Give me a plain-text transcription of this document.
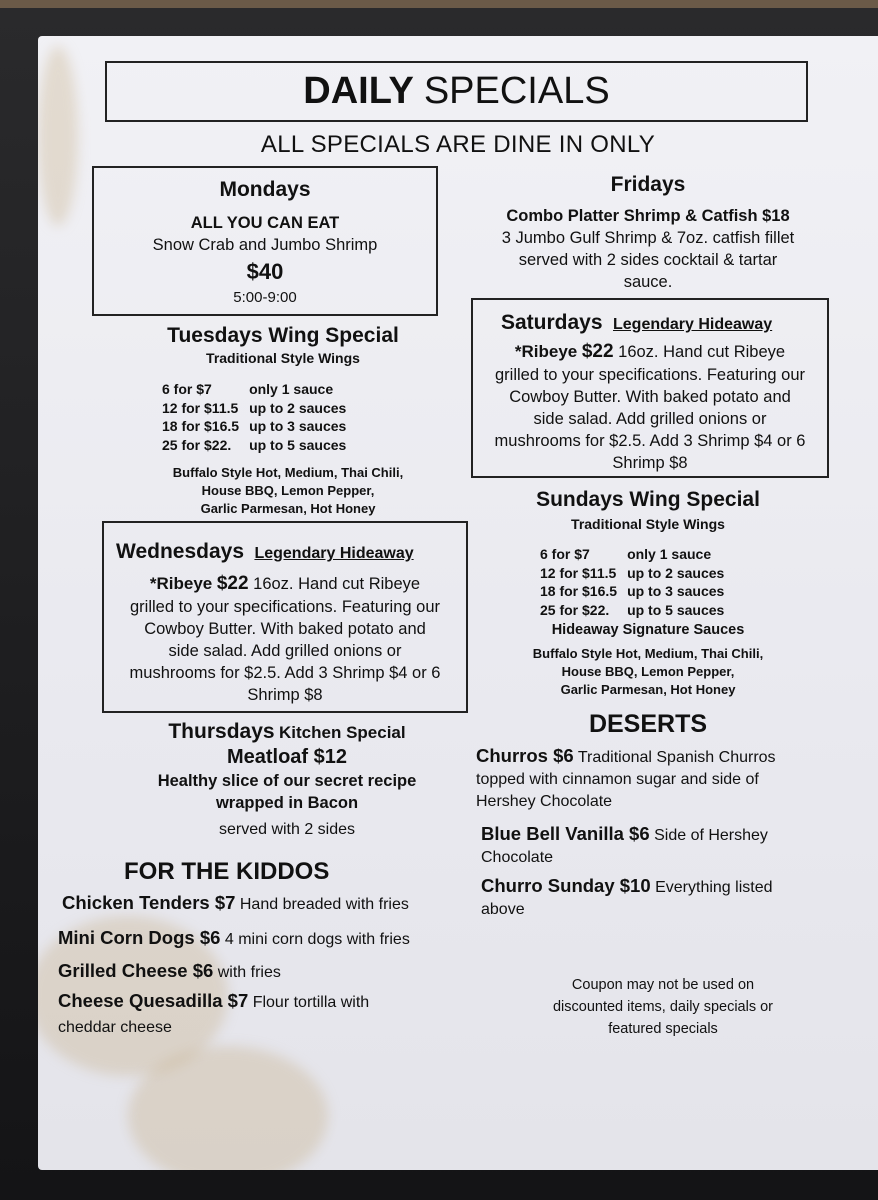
DAILY SPECIALS
ALL SPECIALS ARE DINE IN ONLY
Mondays
ALL YOU CAN EAT
Snow Crab and Jumbo Shrimp
$40
5:00-9:00
Fridays
Combo Platter Shrimp & Catfish $18
3 Jumbo Gulf Shrimp & 7oz. catfish fillet
served with 2 sides cocktail & tartar
sauce.
Tuesdays Wing Special
Traditional Style Wings
6 for $7	only 1 sauce
12 for $11.5	up to 2 sauces
18 for $16.5	up to 3 sauces
25 for $22.	up to 5 sauces
Buffalo Style Hot, Medium, Thai Chili,
House BBQ, Lemon Pepper,
Garlic Parmesan, Hot Honey
Saturdays Legendary Hideaway
*Ribeye $22 16oz. Hand cut Ribeye
grilled to your specifications. Featuring our
Cowboy Butter. With baked potato and
side salad. Add grilled onions or
mushrooms for $2.5. Add 3 Shrimp $4 or 6
Shrimp $8
Sundays Wing Special
Traditional Style Wings
6 for $7	only 1 sauce
12 for $11.5	up to 2 sauces
18 for $16.5	up to 3 sauces
25 for $22.	up to 5 sauces
Hideaway Signature Sauces
Buffalo Style Hot, Medium, Thai Chili,
House BBQ, Lemon Pepper,
Garlic Parmesan, Hot Honey
Wednesdays Legendary Hideaway
*Ribeye $22 16oz. Hand cut Ribeye
grilled to your specifications. Featuring our
Cowboy Butter. With baked potato and
side salad. Add grilled onions or
mushrooms for $2.5. Add 3 Shrimp $4 or 6
Shrimp $8
Thursdays Kitchen Special
Meatloaf $12
Healthy slice of our secret recipe
wrapped in Bacon
served with 2 sides
DESERTS
Churros $6 Traditional Spanish Churros
topped with cinnamon sugar and side of
Hershey Chocolate
Blue Bell Vanilla $6 Side of Hershey
Chocolate
Churro Sunday $10 Everything listed
above
FOR THE KIDDOS
Chicken Tenders $7 Hand breaded with fries
Mini Corn Dogs $6 4 mini corn dogs with fries
Grilled Cheese $6 with fries
Cheese Quesadilla $7 Flour tortilla with
cheddar cheese
Coupon may not be used on
discounted items, daily specials or
featured specials
